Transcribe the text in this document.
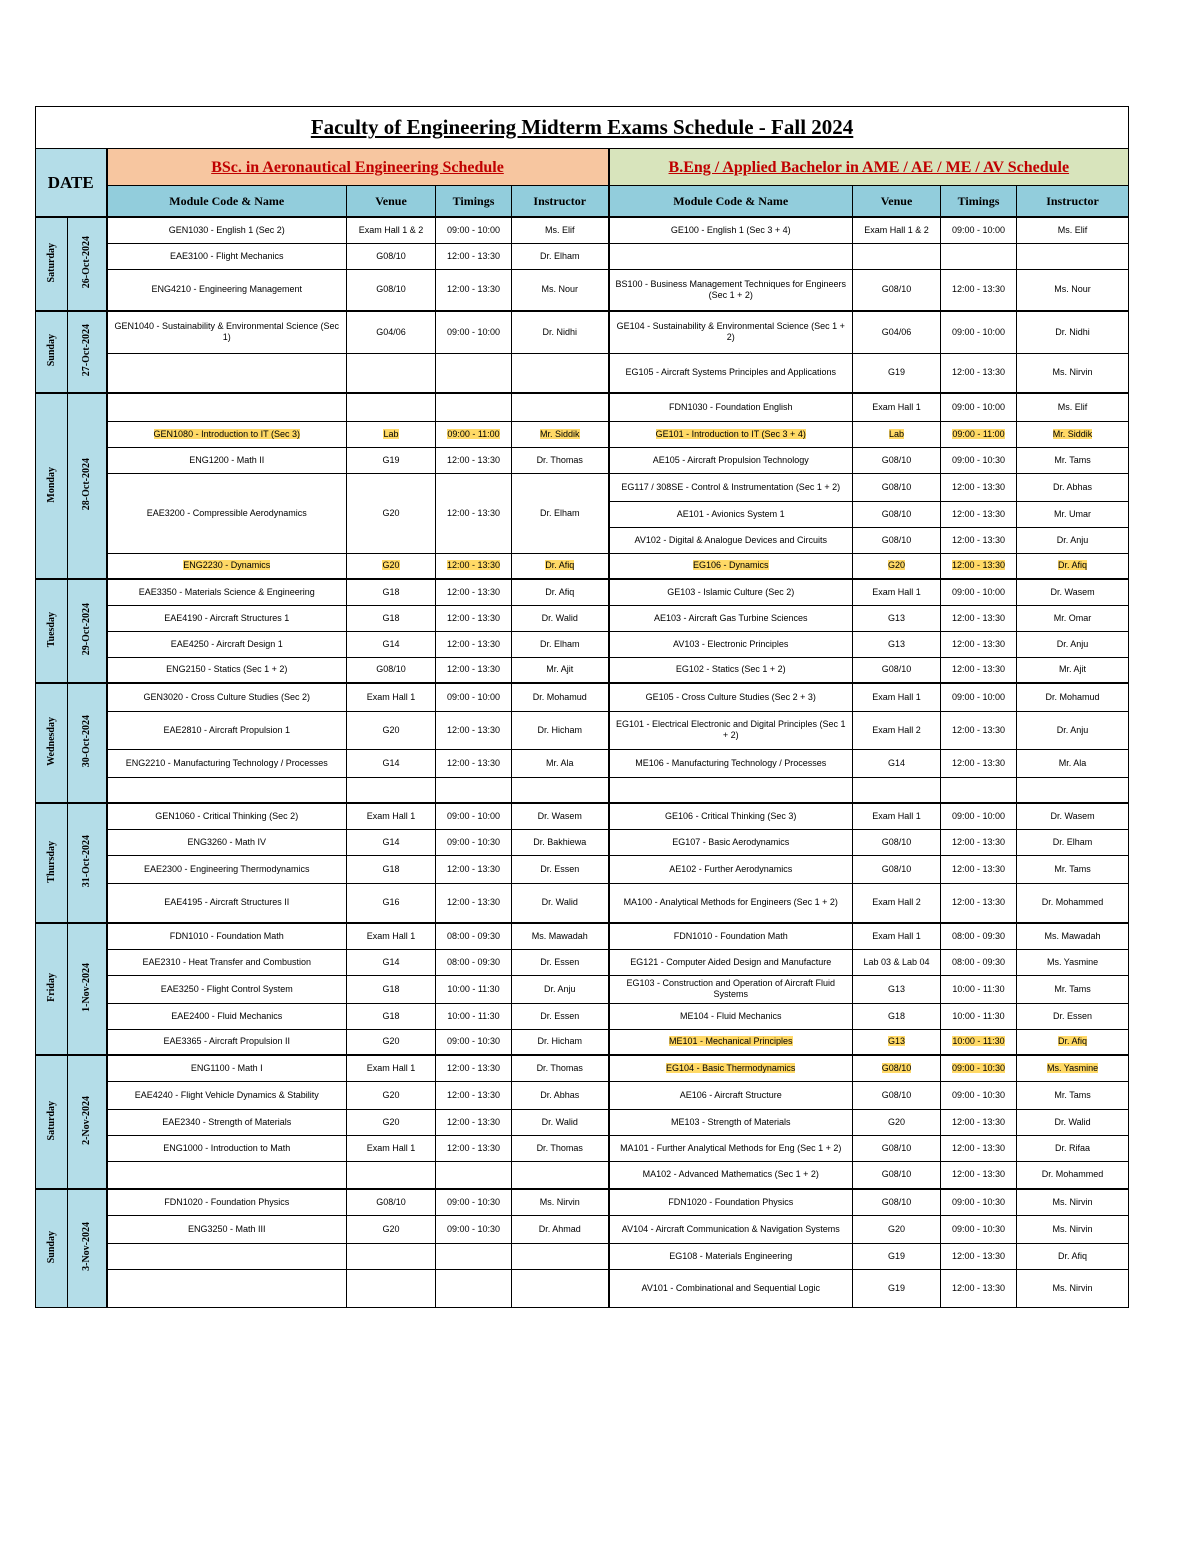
Faculty of Engineering Midterm Exams Schedule - Fall 2024									
DATE		BSc. in Aeronautical Engineering Schedule				B.Eng / Applied Bachelor in AME / AE / ME / AV Schedule			
		Module Code & Name	Venue	Timings	Instructor	Module Code & Name	Venue	Timings	Instructor
Saturday	26-Oct-2024	GEN1030 - English 1 (Sec 2)	Exam Hall 1 & 2	09:00 - 10:00	Ms. Elif	GE100 - English 1 (Sec 3 + 4)	Exam Hall 1 & 2	09:00 - 10:00	Ms. Elif
		EAE3100 - Flight Mechanics	G08/10	12:00 - 13:30	Dr. Elham				
		ENG4210 - Engineering Management	G08/10	12:00 - 13:30	Ms. Nour	BS100 - Business Management Techniques for Engineers (Sec 1 + 2)	G08/10	12:00 - 13:30	Ms. Nour
Sunday	27-Oct-2024	GEN1040 - Sustainability & Environmental Science (Sec 1)	G04/06	09:00 - 10:00	Dr. Nidhi	GE104 - Sustainability & Environmental Science (Sec 1 + 2)	G04/06	09:00 - 10:00	Dr. Nidhi
						EG105 - Aircraft Systems Principles and Applications	G19	12:00 - 13:30	Ms. Nirvin
Monday	28-Oct-2024					FDN1030 - Foundation English	Exam Hall 1	09:00 - 10:00	Ms. Elif
		GEN1080 - Introduction to IT (Sec 3)	Lab	09:00 - 11:00	Mr. Siddik	GE101 - Introduction to IT (Sec 3 + 4)	Lab	09:00 - 11:00	Mr. Siddik
		ENG1200 - Math II	G19	12:00 - 13:30	Dr. Thomas	AE105 - Aircraft Propulsion Technology	G08/10	09:00 - 10:30	Mr. Tams
		EAE3200 - Compressible Aerodynamics	G20	12:00 - 13:30	Dr. Elham	EG117 / 308SE - Control & Instrumentation (Sec 1 + 2)	G08/10	12:00 - 13:30	Dr. Abhas
						AE101 - Avionics System 1	G08/10	12:00 - 13:30	Mr. Umar
						AV102 - Digital & Analogue Devices and Circuits	G08/10	12:00 - 13:30	Dr. Anju
		ENG2230 - Dynamics	G20	12:00 - 13:30	Dr. Afiq	EG106 - Dynamics	G20	12:00 - 13:30	Dr. Afiq
Tuesday	29-Oct-2024	EAE3350 - Materials Science & Engineering	G18	12:00 - 13:30	Dr. Afiq	GE103 - Islamic Culture (Sec 2)	Exam Hall 1	09:00 - 10:00	Dr. Wasem
		EAE4190 - Aircraft Structures 1	G18	12:00 - 13:30	Dr. Walid	AE103 - Aircraft Gas Turbine Sciences	G13	12:00 - 13:30	Mr. Omar
		EAE4250 - Aircraft Design 1	G14	12:00 - 13:30	Dr. Elham	AV103 - Electronic Principles	G13	12:00 - 13:30	Dr. Anju
		ENG2150 - Statics (Sec 1 + 2)	G08/10	12:00 - 13:30	Mr. Ajit	EG102 - Statics (Sec 1 + 2)	G08/10	12:00 - 13:30	Mr. Ajit
Wednesday	30-Oct-2024	GEN3020 - Cross Culture Studies (Sec 2)	Exam Hall 1	09:00 - 10:00	Dr. Mohamud	GE105 - Cross Culture Studies (Sec 2 + 3)	Exam Hall 1	09:00 - 10:00	Dr. Mohamud
		EAE2810 - Aircraft Propulsion 1	G20	12:00 - 13:30	Dr. Hicham	EG101 - Electrical Electronic and Digital Principles (Sec 1 + 2)	Exam Hall 2	12:00 - 13:30	Dr. Anju
		ENG2210 - Manufacturing Technology / Processes	G14	12:00 - 13:30	Mr. Ala	ME106 - Manufacturing Technology / Processes	G14	12:00 - 13:30	Mr. Ala

Thursday	31-Oct-2024	GEN1060 - Critical Thinking (Sec 2)	Exam Hall 1	09:00 - 10:00	Dr. Wasem	GE106 - Critical Thinking (Sec 3)	Exam Hall 1	09:00 - 10:00	Dr. Wasem
		ENG3260 - Math IV	G14	09:00 - 10:30	Dr. Bakhiewa	EG107 - Basic Aerodynamics	G08/10	12:00 - 13:30	Dr. Elham
		EAE2300 - Engineering Thermodynamics	G18	12:00 - 13:30	Dr. Essen	AE102 - Further Aerodynamics	G08/10	12:00 - 13:30	Mr. Tams
		EAE4195 - Aircraft Structures II	G16	12:00 - 13:30	Dr. Walid	MA100 - Analytical Methods for Engineers (Sec 1 + 2)	Exam Hall 2	12:00 - 13:30	Dr. Mohammed
Friday	1-Nov-2024	FDN1010 - Foundation Math	Exam Hall 1	08:00 - 09:30	Ms. Mawadah	FDN1010 - Foundation Math	Exam Hall 1	08:00 - 09:30	Ms. Mawadah
		EAE2310 - Heat Transfer and Combustion	G14	08:00 - 09:30	Dr. Essen	EG121 - Computer Aided Design and Manufacture	Lab 03 & Lab 04	08:00 - 09:30	Ms. Yasmine
		EAE3250 - Flight Control System	G18	10:00 - 11:30	Dr. Anju	EG103 - Construction and Operation of Aircraft Fluid Systems	G13	10:00 - 11:30	Mr. Tams
		EAE2400 - Fluid Mechanics	G18	10:00 - 11:30	Dr. Essen	ME104 - Fluid Mechanics	G18	10:00 - 11:30	Dr. Essen
		EAE3365 - Aircraft Propulsion II	G20	09:00 - 10:30	Dr. Hicham	ME101 - Mechanical Principles	G13	10:00 - 11:30	Dr. Afiq
Saturday	2-Nov-2024	ENG1100 - Math I	Exam Hall 1	12:00 - 13:30	Dr. Thomas	EG104 - Basic Thermodynamics	G08/10	09:00 - 10:30	Ms. Yasmine
		EAE4240 - Flight Vehicle Dynamics & Stability	G20	12:00 - 13:30	Dr. Abhas	AE106 - Aircraft Structure	G08/10	09:00 - 10:30	Mr. Tams
		EAE2340 - Strength of Materials	G20	12:00 - 13:30	Dr. Walid	ME103 - Strength of Materials	G20	12:00 - 13:30	Dr. Walid
		ENG1000 - Introduction to Math	Exam Hall 1	12:00 - 13:30	Dr. Thomas	MA101 - Further Analytical Methods for Eng (Sec 1 + 2)	G08/10	12:00 - 13:30	Dr. Rifaa
						MA102 - Advanced Mathematics (Sec 1 + 2)	G08/10	12:00 - 13:30	Dr. Mohammed
Sunday	3-Nov-2024	FDN1020 - Foundation Physics	G08/10	09:00 - 10:30	Ms. Nirvin	FDN1020 - Foundation Physics	G08/10	09:00 - 10:30	Ms. Nirvin
		ENG3250 - Math III	G20	09:00 - 10:30	Dr. Ahmad	AV104 - Aircraft Communication & Navigation Systems	G20	09:00 - 10:30	Ms. Nirvin
						EG108 - Materials Engineering	G19	12:00 - 13:30	Dr. Afiq
						AV101 - Combinational and Sequential Logic	G19	12:00 - 13:30	Ms. Nirvin
